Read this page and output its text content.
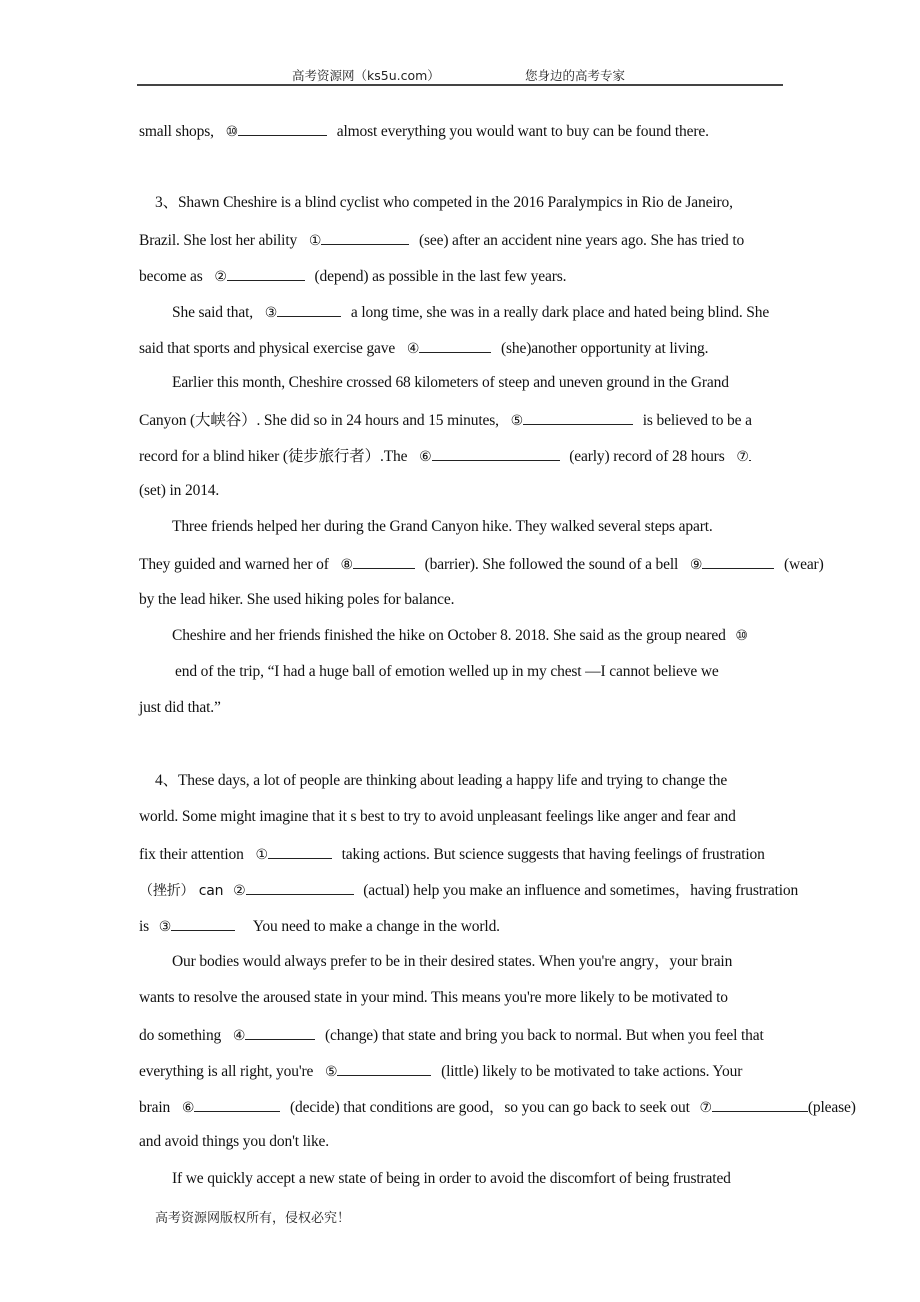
高考资源网（ks5u.com）	您身边的高考专家
small shops, ⑩	almost everything you would want to buy can be found there.
3、Shawn Cheshire is a blind cyclist who competed in the 2016 Paralympics in Rio de Janeiro,
Brazil. She lost her ability ①	(see) after an accident nine years ago. She has tried to
become as ②	(depend) as possible in the last few years.
She said that, ③	a long time, she was in a really dark place and hated being blind. She
said that sports and physical exercise gave ④	(she)another opportunity at living.
Earlier this month, Cheshire crossed 68 kilometers of steep and uneven ground in the Grand
Canyon (大峡谷）. She did so in 24 hours and 15 minutes, ⑤	is believed to be a
record for a blind hiker (徒步旅行者）.The ⑥	(early) record of 28 hours ⑦
(set) in 2014.
Three friends helped her during the Grand Canyon hike. They walked several steps apart.
They guided and warned her of ⑧	(barrier). She followed the sound of a bell ⑨	(wear)
by the lead hiker. She used hiking poles for balance.
Cheshire and her friends finished the hike on October 8. 2018. She said as the group neared ⑩
end of the trip, “I had a huge ball of emotion welled up in my chest —I cannot believe we
just did that.”
4、These days, a lot of people are thinking about leading a happy life and trying to change the
world. Some might imagine that it s best to try to avoid unpleasant feelings like anger and fear and
fix their attention ①	taking actions. But science suggests that having feelings of frustration
（挫折） can ②	(actual) help you make an influence and sometimes，having frustration
is ③	You need to make a change in the world.
Our bodies would always prefer to be in their desired states. When you're angry，your brain
wants to resolve the aroused state in your mind. This means you're more likely to be motivated to
do something ④	(change) that state and bring you back to normal. But when you feel that
everything is all right, you're ⑤	(little) likely to be motivated to take actions. Your
brain ⑥	(decide) that conditions are good，so you can go back to seek out ⑦	(please)
and avoid things you don't like.
If we quickly accept a new state of being in order to avoid the discomfort of being frustrated
高考资源网版权所有，侵权必究！
